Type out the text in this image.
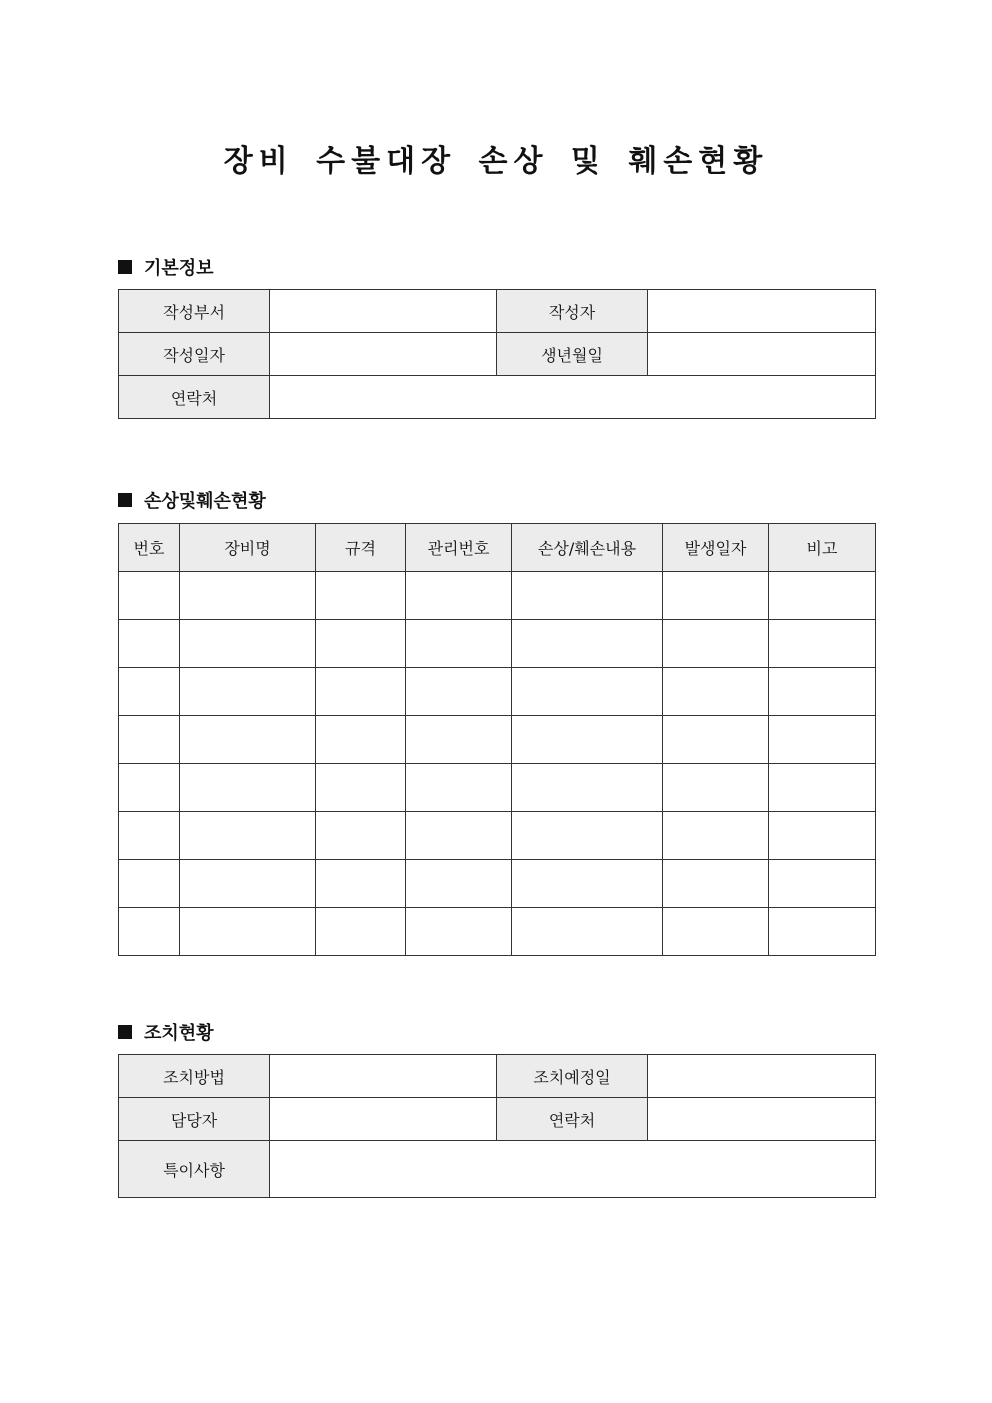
장비 수불대장 손상 및 훼손현황
기본정보
작성부서		작성자	
작성일자		생년월일	
연락처			
손상및훼손현황
번호	장비명	규격	관리번호	손상/훼손내용	발생일자	비고

조치현황
조치방법		조치예정일	
담당자		연락처	
특이사항			
